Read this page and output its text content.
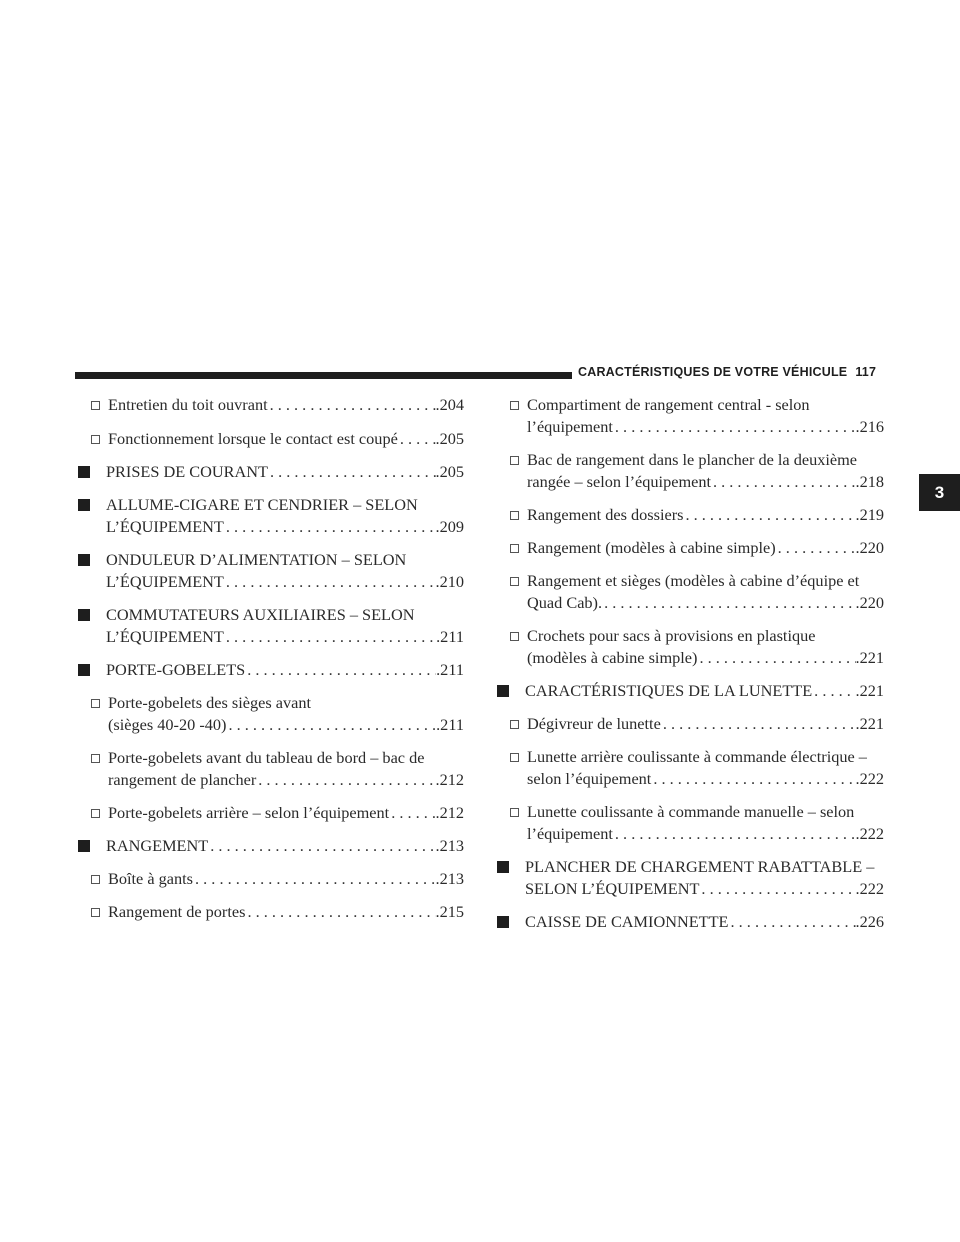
CARACTÉRISTIQUES DE VOTRE VÉHICULE 117
3
Entretien du toit ouvrant . . .	.204
Fonctionnement lorsque le contact est coupé . . . .205
PRISES DE COURANT . . .	.205
ALLUME-CIGARE ET CENDRIER – SELON
L’ÉQUIPEMENT . . .	.209
ONDULEUR D’ALIMENTATION – SELON
L’ÉQUIPEMENT . . .	.210
COMMUTATEURS AUXILIAIRES – SELON
L’ÉQUIPEMENT . . .	.211
PORTE-GOBELETS . . .	.211
Porte-gobelets des sièges avant
(sièges 40-20 -40) . . .	.211
Porte-gobelets avant du tableau de bord – bac de
rangement de plancher . . .	.212
Porte-gobelets arrière – selon l’équipement . . .	.212
RANGEMENT . . .	.213
Boîte à gants . . .	.213
Rangement de portes . . .	.215
Compartiment de rangement central - selon
l’équipement . . .	.216
Bac de rangement dans le plancher de la deuxième
rangée – selon l’équipement . . .	.218
Rangement des dossiers . . .	.219
Rangement (modèles à cabine simple) . . .	.220
Rangement et sièges (modèles à cabine d’équipe et
Quad Cab). . . .	.220
Crochets pour sacs à provisions en plastique
(modèles à cabine simple) . . .	.221
CARACTÉRISTIQUES DE LA LUNETTE . . .	.221
Dégivreur de lunette . . .	.221
Lunette arrière coulissante à commande électrique –
selon l’équipement . . .	.222
Lunette coulissante à commande manuelle – selon
l’équipement . . .	.222
PLANCHER DE CHARGEMENT RABATTABLE –
SELON L’ÉQUIPEMENT . . .	.222
CAISSE DE CAMIONNETTE . . .	.226
